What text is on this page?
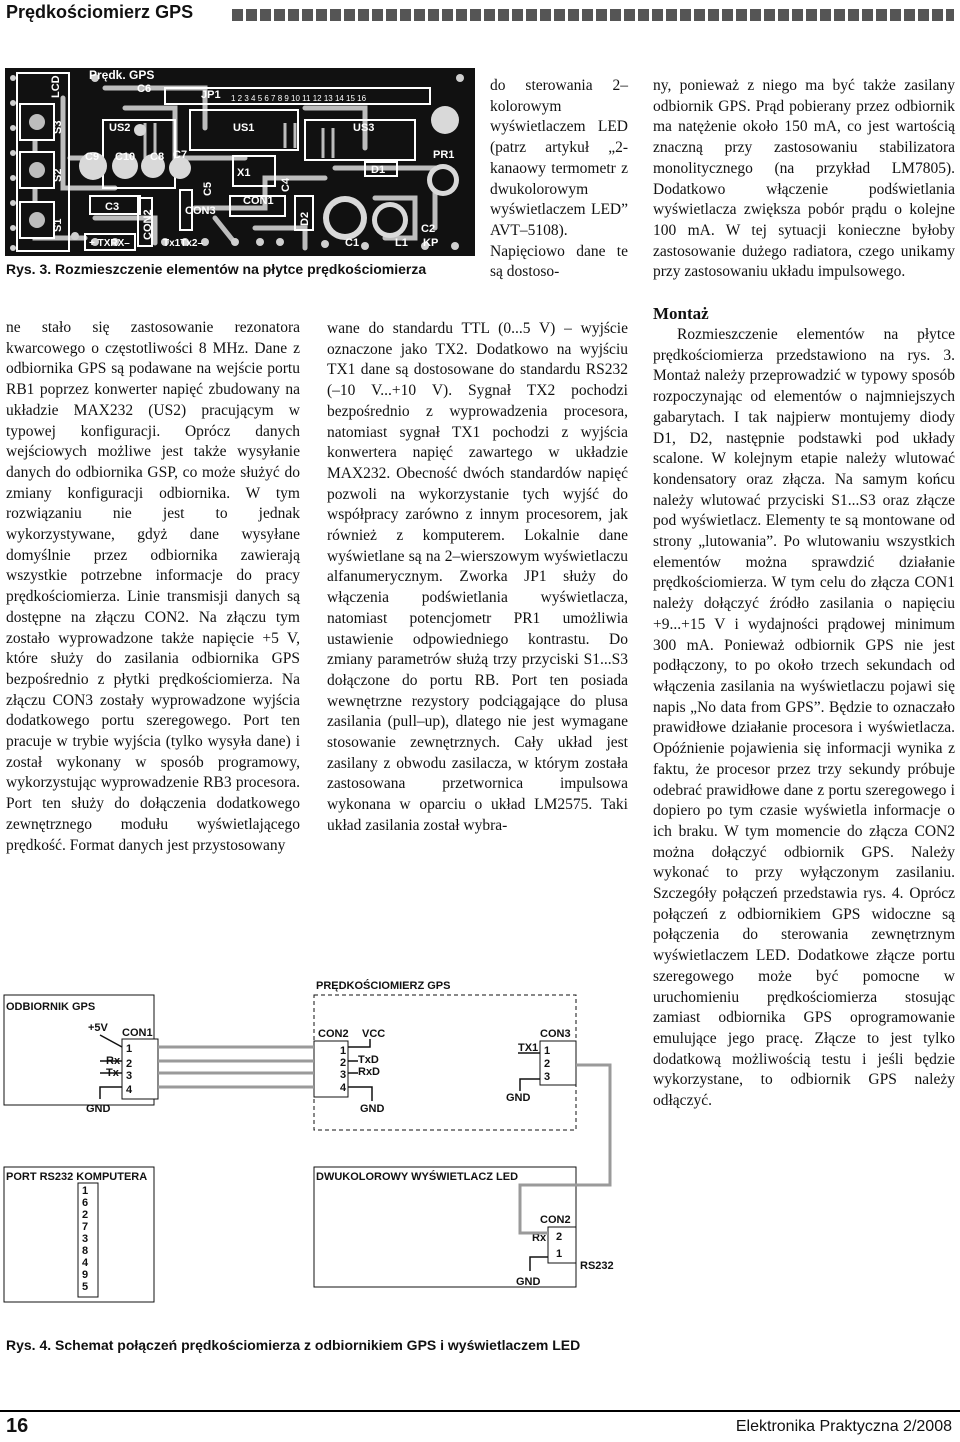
Prędkościomierz GPS
LCD
S3
S2
S1
Prędk. GPS
C6	JP1 1 2 3 4 5 6 7 8 9 10 11 12 13 14 15 16
US2	US1	US3
PR1
C9 C10 C8 C7
C5
X1
C4
D1
C3	CON3
CON1
D2
C2
CON2
+ TXRX–	Tx1Tx2–	C1	L1 KP
Rys. 3. Rozmieszczenie elementów na płytce prędkościomierza

ne stało się zastosowanie rezonatora kwarcowego o częstotliwości 8 MHz. Dane z odbiornika GPS są podawane na wejście portu RB1 poprzez konwerter napięć zbudowany na układzie MAX232 (US2) pracującym w typowej konfiguracji. Oprócz danych wejściowych możliwe jest także wysyłanie danych do odbiornika GSP, co może służyć do zmiany konfiguracji odbiornika. W tym rozwiązaniu nie jest to jednak wykorzystywane, gdyż dane wysyłane domyślnie przez odbiornika zawierają wszystkie potrzebne informacje do pracy prędkościomierza. Linie transmisji danych są dostępne na złączu CON2. Na złączu tym zostało wyprowadzone także napięcie +5 V, które służy do zasilania odbiornika GPS bezpośrednio z płytki prędkościomierza. Na złączu CON3 zostały wyprowadzone wyjścia dodatkowego portu szeregowego. Port ten pracuje w trybie wyjścia (tylko wysyła dane) i został wykonany w sposób programowy, wykorzystując wyprowadzenie RB3 procesora. Port ten służy do dołączenia dodatkowego zewnętrznego modułu wyświetlającego prędkość. Format danych jest przystosowany

do sterowania 2–kolorowym wyświetlaczem LED (patrz artykuł „2-kanaowy termometr z dwukolorowym wyświetlaczem LED” AVT–5108). Napięciowo dane te są dostoso-

wane do standardu TTL (0...5 V) – wyjście oznaczone jako TX2. Dodatkowo na wyjściu TX1 dane są dostosowane do standardu RS232 (–10 V...+10 V). Sygnał TX2 pochodzi bezpośrednio z wyprowadzenia procesora, natomiast sygnał TX1 pochodzi z wyjścia konwertera napięć zawartego w układzie MAX232. Obecność dwóch standardów napięć pozwoli na wykorzystanie tych wyjść do współpracy zarówno z innym procesorem, jak również z komputerem. Lokalnie dane wyświetlane są na 2–wierszowym wyświetlaczu alfanumerycznym. Zworka JP1 służy do włączenia podświetlania wyświetlacza, natomiast potencjometr PR1 umożliwia ustawienie odpowiedniego kontrastu. Do zmiany parametrów służą trzy przyciski S1...S3 dołączone do portu RB. Port ten posiada wewnętrzne rezystory podciągające do plusa zasilania (pull–up), dlatego nie jest wymagane stosowanie zewnętrznych. Cały układ jest zasilany z obwodu zasilacza, w którym została zastosowana przetwornica impulsowa wykonana w oparciu o układ LM2575. Taki układ zasilania został wybra-

ny, ponieważ z niego ma być także zasilany odbiornik GPS. Prąd pobierany przez odbiornik ma natężenie około 150 mA, co jest wartością znaczną przy zastosowaniu stabilizatora monolitycznego (na przykład LM7805). Dodatkowo włączenie podświetlania wyświetlacza zwiększa pobór prądu o kolejne 100 mA. W tej sytuacji konieczne byłoby zastosowanie dużego radiatora, czego unikamy przy zastosowaniu układu impulsowego.

Montaż

Rozmieszczenie elementów na płytce prędkościomierza przedstawiono na rys. 3. Montaż należy przeprowadzić w typowy sposób rozpoczynając od elementów o najmniejszych gabarytach. I tak najpierw montujemy diody D1, D2, następnie podstawki pod układy scalone. W kolejnym etapie należy wlutować kondensatory oraz złącza. Na samym końcu należy wlutować przyciski S1...S3 oraz złącze pod wyświetlacz. Elementy te są montowane od strony „lutowania”. Po wlutowaniu wszystkich elementów można sprawdzić działanie prędkościomierza. W tym celu do złącza CON1 należy dołączyć źródło zasilania o napięciu +9...+15 V i wydajności prądowej minimum 300 mA. Ponieważ odbiornik GPS nie jest podłączony, to po około trzech sekundach od włączenia zasilania na wyświetlaczu pojawi się napis „No data from GPS”. Będzie to oznaczało prawidłowe działanie procesora i wyświetlacza. Opóźnienie pojawienia się informacji wynika z faktu, że procesor przez trzy sekundy próbuje odebrać prawidłowe dane z portu szeregowego i dopiero po tym czasie wyświetla informacje o ich braku. W tym momencie do złącza CON2 można dołączyć odbiornik GPS. Należy wykonać to przy wyłączonym zasilaniu. Szczegóły połączeń przedstawia rys. 4. Oprócz połączeń z odbiornikiem GPS widoczne są połączenia do sterowania zewnętrznym wyświetlaczem LED. Dodatkowe złącze portu szeregowego może być pomocne w uruchomieniu prędkościomierza stosując zamiast odbiornika GPS oprogramowanie emulujące jego pracę. Złącze to jest tylko dodatkową możliwością testu i jeśli będzie wykorzystane, to odbiornik GPS należy odłączyć.

ODBIORNIK GPS
+5V CON1
Rx
Tx
GND
1
2
3
4
PRĘDKOŚCIOMIERZ GPS
CON2 VCC
1
2
3
4
TxD
RxD
GND
CON3
TX1 1
2
3
GND
PORT RS232 KOMPUTERA
1
6
2
7
3
8
4
9
5
DWUKOLOROWY WYŚWIETLACZ LED
CON2
Rx 2
1
GND
RS232
Rys. 4. Schemat połączeń prędkościomierza z odbiornikiem GPS i wyświetlaczem LED
16	Elektronika Praktyczna 2/2008
